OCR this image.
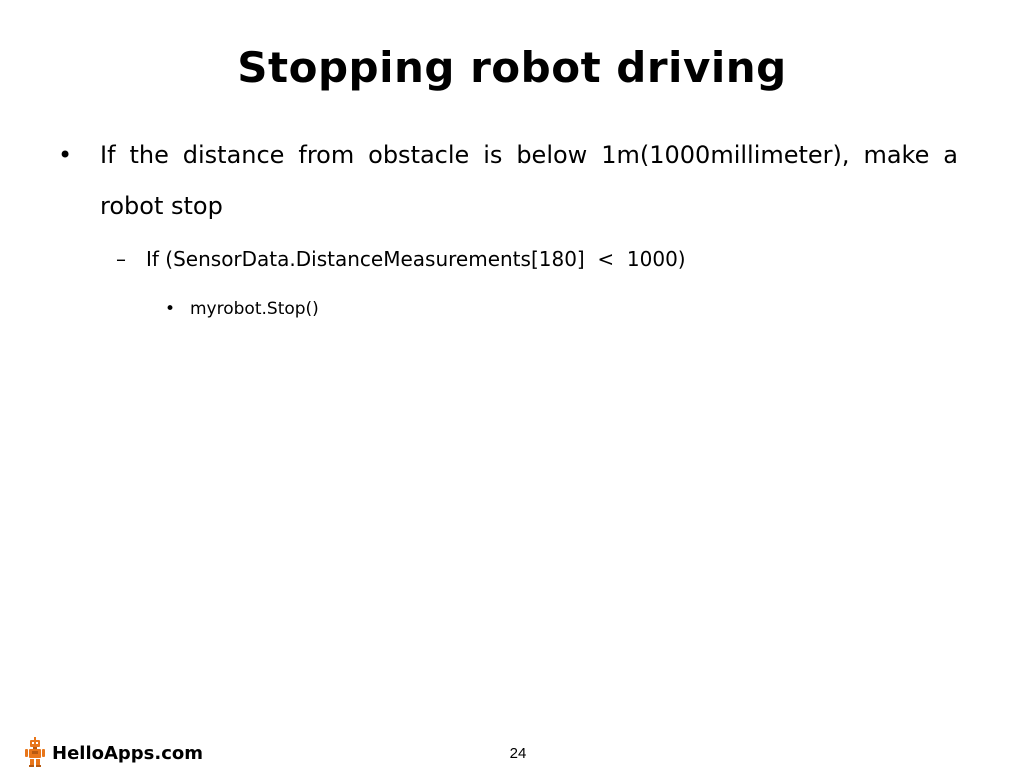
Stopping robot driving
• If the distance from obstacle is below 1m(1000millimeter), make a robot stop
– If (SensorData.DistanceMeasurements[180]  <  1000)
• myrobot.Stop()
HelloApps.com	24
